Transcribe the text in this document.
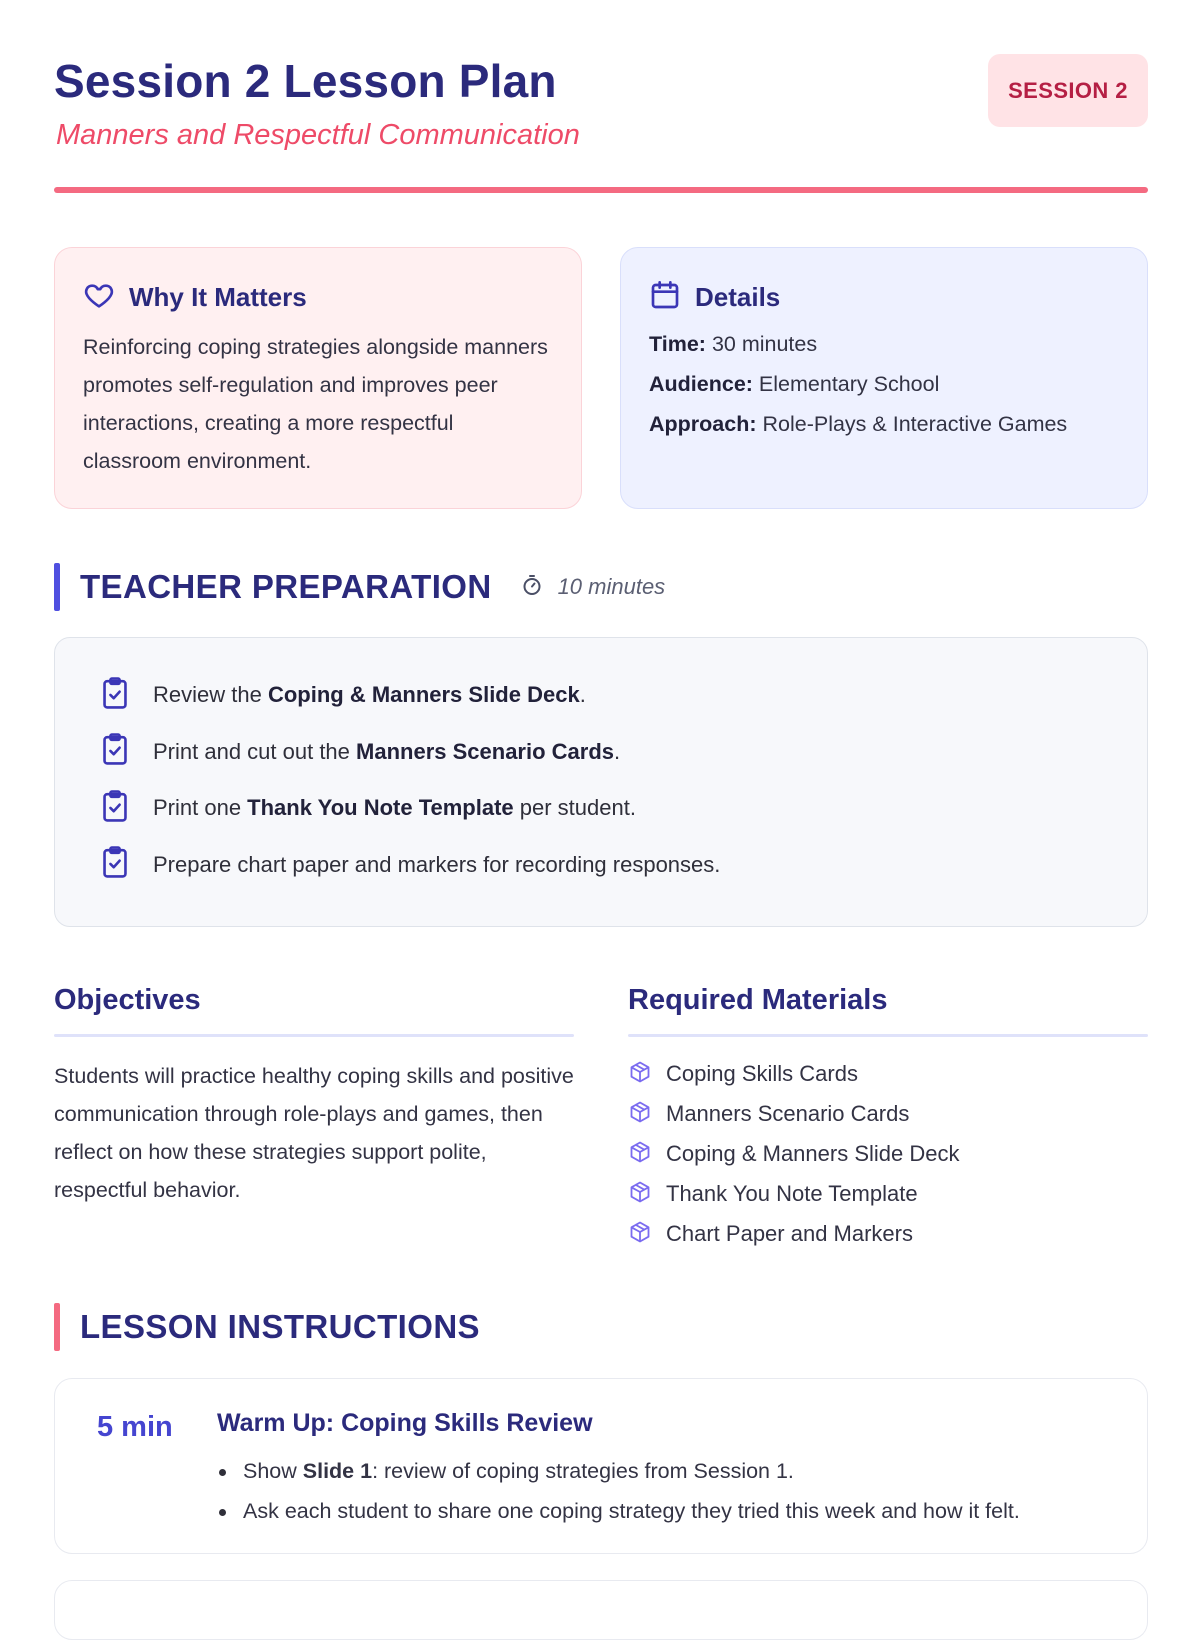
Session 2 Lesson Plan
Manners and Respectful Communication
SESSION 2
Why It Matters
Reinforcing coping strategies alongside manners promotes self-regulation and improves peer interactions, creating a more respectful classroom environment.
Details
Time: 30 minutes
Audience: Elementary School
Approach: Role-Plays & Interactive Games
TEACHER PREPARATION	10 minutes
Review the Coping & Manners Slide Deck.
Print and cut out the Manners Scenario Cards.
Print one Thank You Note Template per student.
Prepare chart paper and markers for recording responses.
Objectives
Students will practice healthy coping skills and positive communication through role-plays and games, then reflect on how these strategies support polite, respectful behavior.
Required Materials
Coping Skills Cards
Manners Scenario Cards
Coping & Manners Slide Deck
Thank You Note Template
Chart Paper and Markers
LESSON INSTRUCTIONS
5 min Warm Up: Coping Skills Review
Show Slide 1: review of coping strategies from Session 1.
Ask each student to share one coping strategy they tried this week and how it felt.
